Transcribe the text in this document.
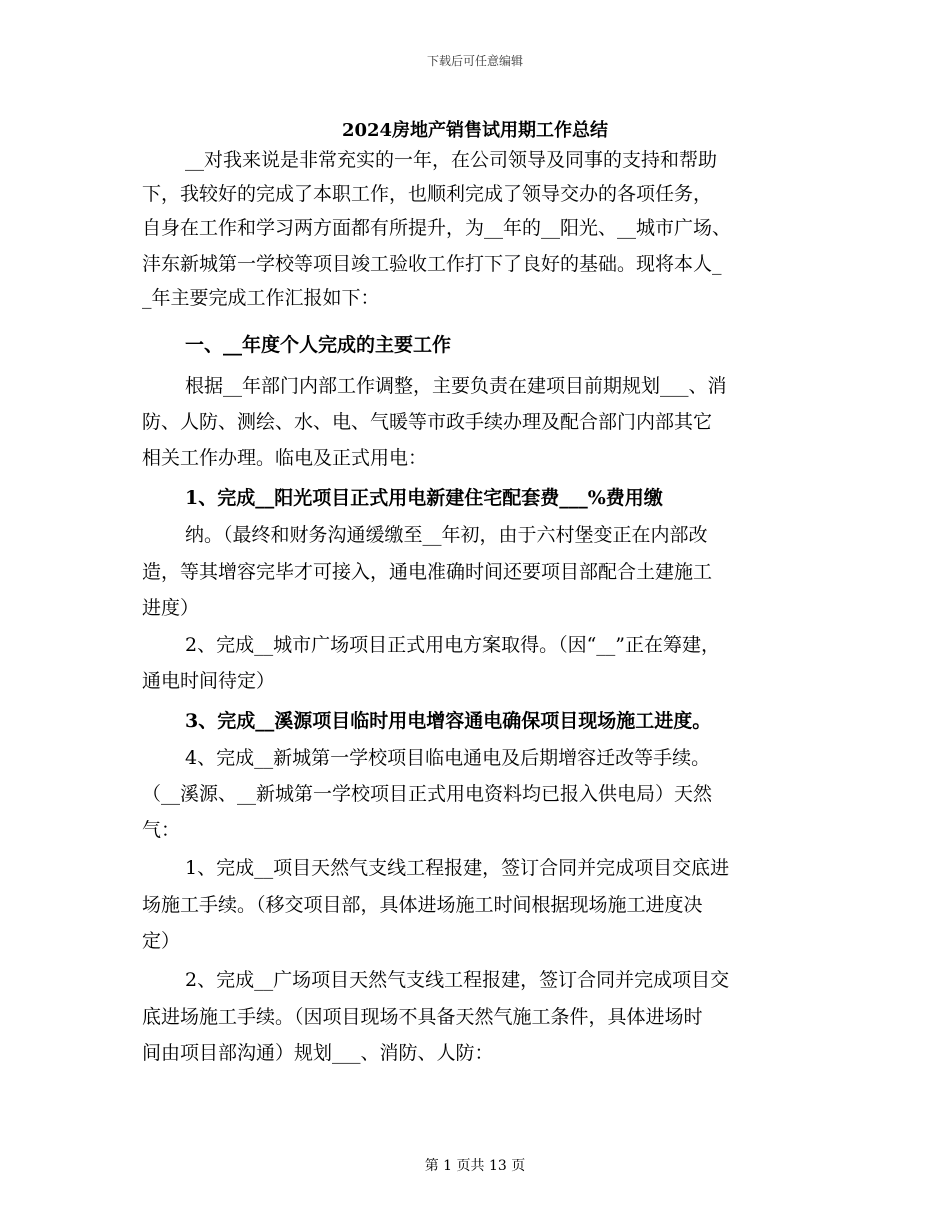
下载后可任意编辑
2024房地产销售试用期工作总结
__对我来说是非常充实的一年，在公司领导及同事的支持和帮助
下，我较好的完成了本职工作，也顺利完成了领导交办的各项任务，
自身在工作和学习两方面都有所提升，为__年的__阳光、__城市广场、
沣东新城第一学校等项目竣工验收工作打下了良好的基础。现将本人_
_年主要完成工作汇报如下：
一、__年度个人完成的主要工作
根据__年部门内部工作调整，主要负责在建项目前期规划___、消
防、人防、测绘、水、电、气暖等市政手续办理及配合部门内部其它
相关工作办理。临电及正式用电：
1、完成__阳光项目正式用电新建住宅配套费___%费用缴
纳。（最终和财务沟通缓缴至__年初，由于六村堡变正在内部改
造，等其增容完毕才可接入，通电准确时间还要项目部配合土建施工
进度）
2、完成__城市广场项目正式用电方案取得。（因“__”正在筹建，
通电时间待定）
3、完成__溪源项目临时用电增容通电确保项目现场施工进度。
4、完成__新城第一学校项目临电通电及后期增容迁改等手续。
（__溪源、__新城第一学校项目正式用电资料均已报入供电局）天然
气：
1、完成__项目天然气支线工程报建，签订合同并完成项目交底进
场施工手续。（移交项目部，具体进场施工时间根据现场施工进度决
定）
2、完成__广场项目天然气支线工程报建，签订合同并完成项目交
底进场施工手续。（因项目现场不具备天然气施工条件，具体进场时
间由项目部沟通）规划___、消防、人防：
第 1 页共 13 页
